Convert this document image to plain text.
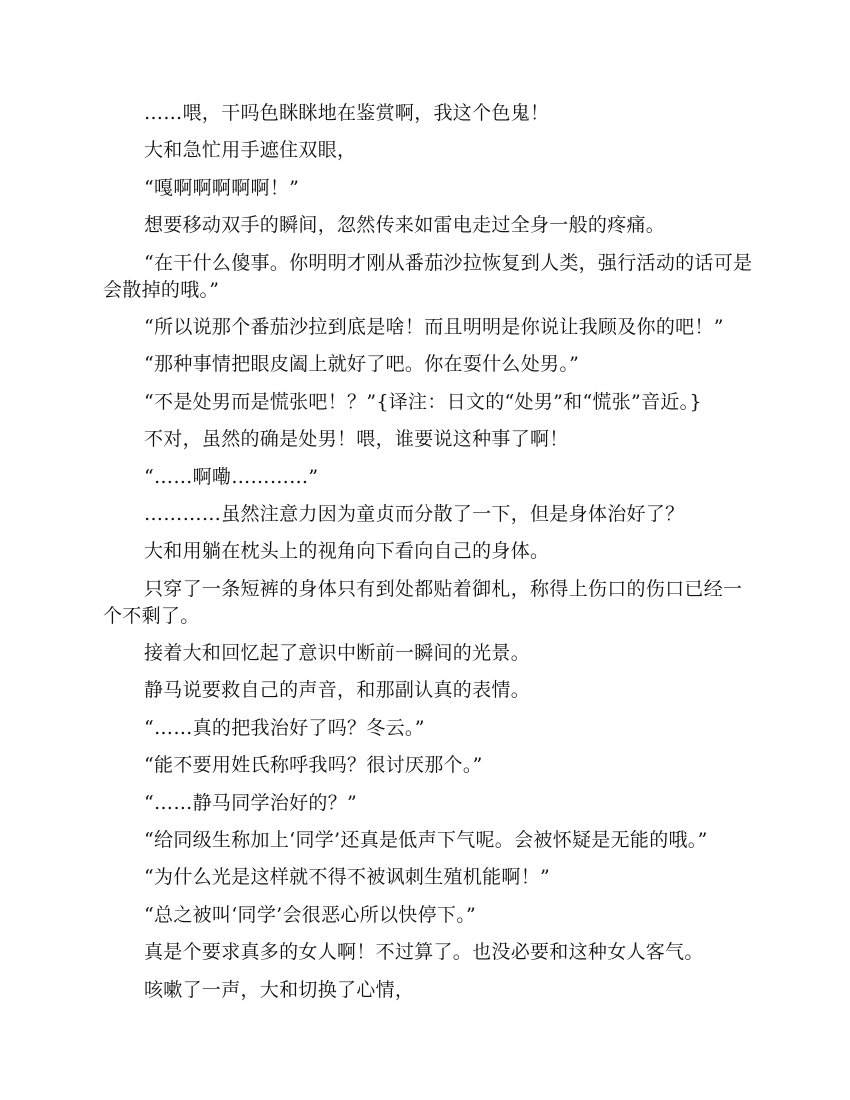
……喂，干吗色眯眯地在鉴赏啊，我这个色鬼！

大和急忙用手遮住双眼，

“嘎啊啊啊啊啊！”

想要移动双手的瞬间，忽然传来如雷电走过全身一般的疼痛。

“在干什么傻事。你明明才刚从番茄沙拉恢复到人类，强行活动的话可是会散掉的哦。”

“所以说那个番茄沙拉到底是啥！而且明明是你说让我顾及你的吧！”

“那种事情把眼皮阖上就好了吧。你在耍什么处男。”

“不是处男而是慌张吧！？”{译注：日文的“处男”和“慌张”音近。}

不对，虽然的确是处男！喂，谁要说这种事了啊！

“……啊嘞…………”

…………虽然注意力因为童贞而分散了一下，但是身体治好了？

大和用躺在枕头上的视角向下看向自己的身体。

只穿了一条短裤的身体只有到处都贴着御札，称得上伤口的伤口已经一个不剩了。

接着大和回忆起了意识中断前一瞬间的光景。

静马说要救自己的声音，和那副认真的表情。

“……真的把我治好了吗？冬云。”

“能不要用姓氏称呼我吗？很讨厌那个。”

“……静马同学治好的？”

“给同级生称加上‘同学’还真是低声下气呢。会被怀疑是无能的哦。”

“为什么光是这样就不得不被讽刺生殖机能啊！”

“总之被叫‘同学’会很恶心所以快停下。”

真是个要求真多的女人啊！不过算了。也没必要和这种女人客气。

咳嗽了一声，大和切换了心情，
